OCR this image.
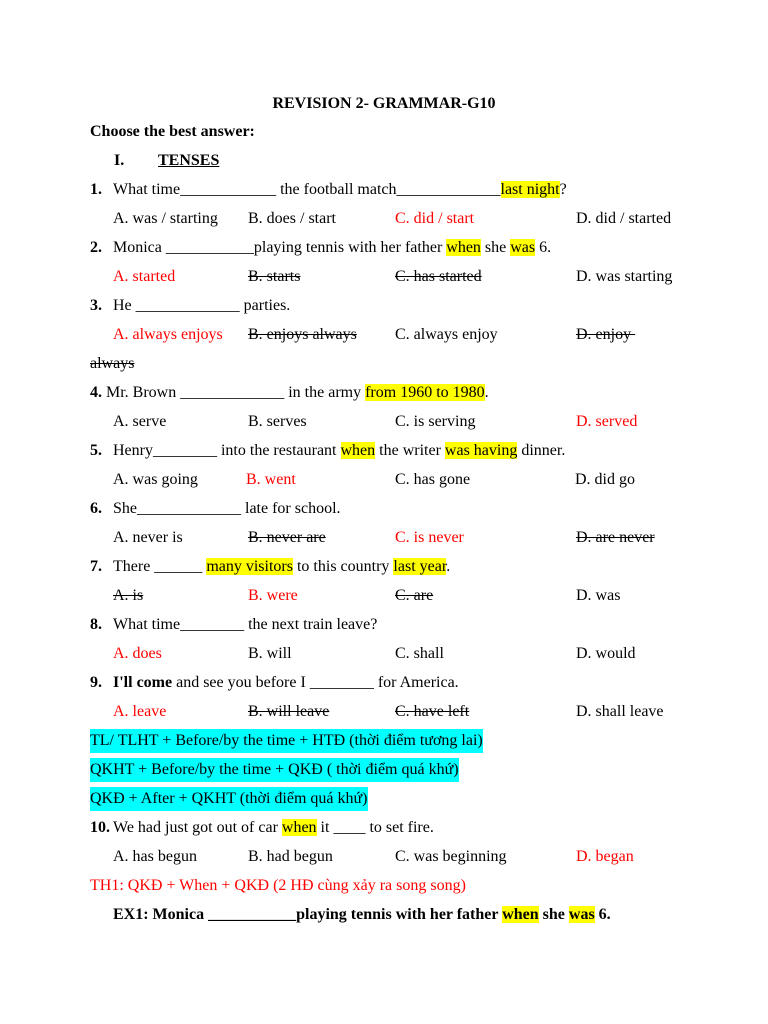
REVISION 2- GRAMMAR-G10
Choose the best answer:
I. TENSES
1. What time____________ the football match_____________last night?
A. was / starting B. does / start	C. did / start	D. did / started
2. Monica ___________playing tennis with her father when she was 6.
A. started	B. starts	C. has started	D. was starting
3. He _____________ parties.
A. always enjoys B. enjoys always C. always enjoy	D. enjoy
always
4. Mr. Brown _____________ in the army from 1960 to 1980.
A. serve	B. serves	C. is serving	D. served
5. Henry________ into the restaurant when the writer was having dinner.
A. was going	B. went	C. has gone	D. did go
6. She_____________ late for school.
A. never is	B. never are	C. is never	D. are never
7. There ______ many visitors to this country last year.
A. is	B. were	C. are	D. was
8. What time________ the next train leave?
A. does	B. will	C. shall	D. would
9. I'll come and see you before I ________ for America.
A. leave	B. will leave	C. have left	D. shall leave
TL/ TLHT + Before/by the time + HTĐ (thời điểm tương lai)
QKHT + Before/by the time + QKĐ ( thời điểm quá khứ)
QKĐ + After + QKHT (thời điểm quá khứ)
10. We had just got out of car when it ____ to set fire.
A. has begun	B. had begun	C. was beginning	D. began
TH1: QKĐ + When + QKĐ (2 HĐ cùng xảy ra song song)
EX1: Monica ___________playing tennis with her father when she was 6.
